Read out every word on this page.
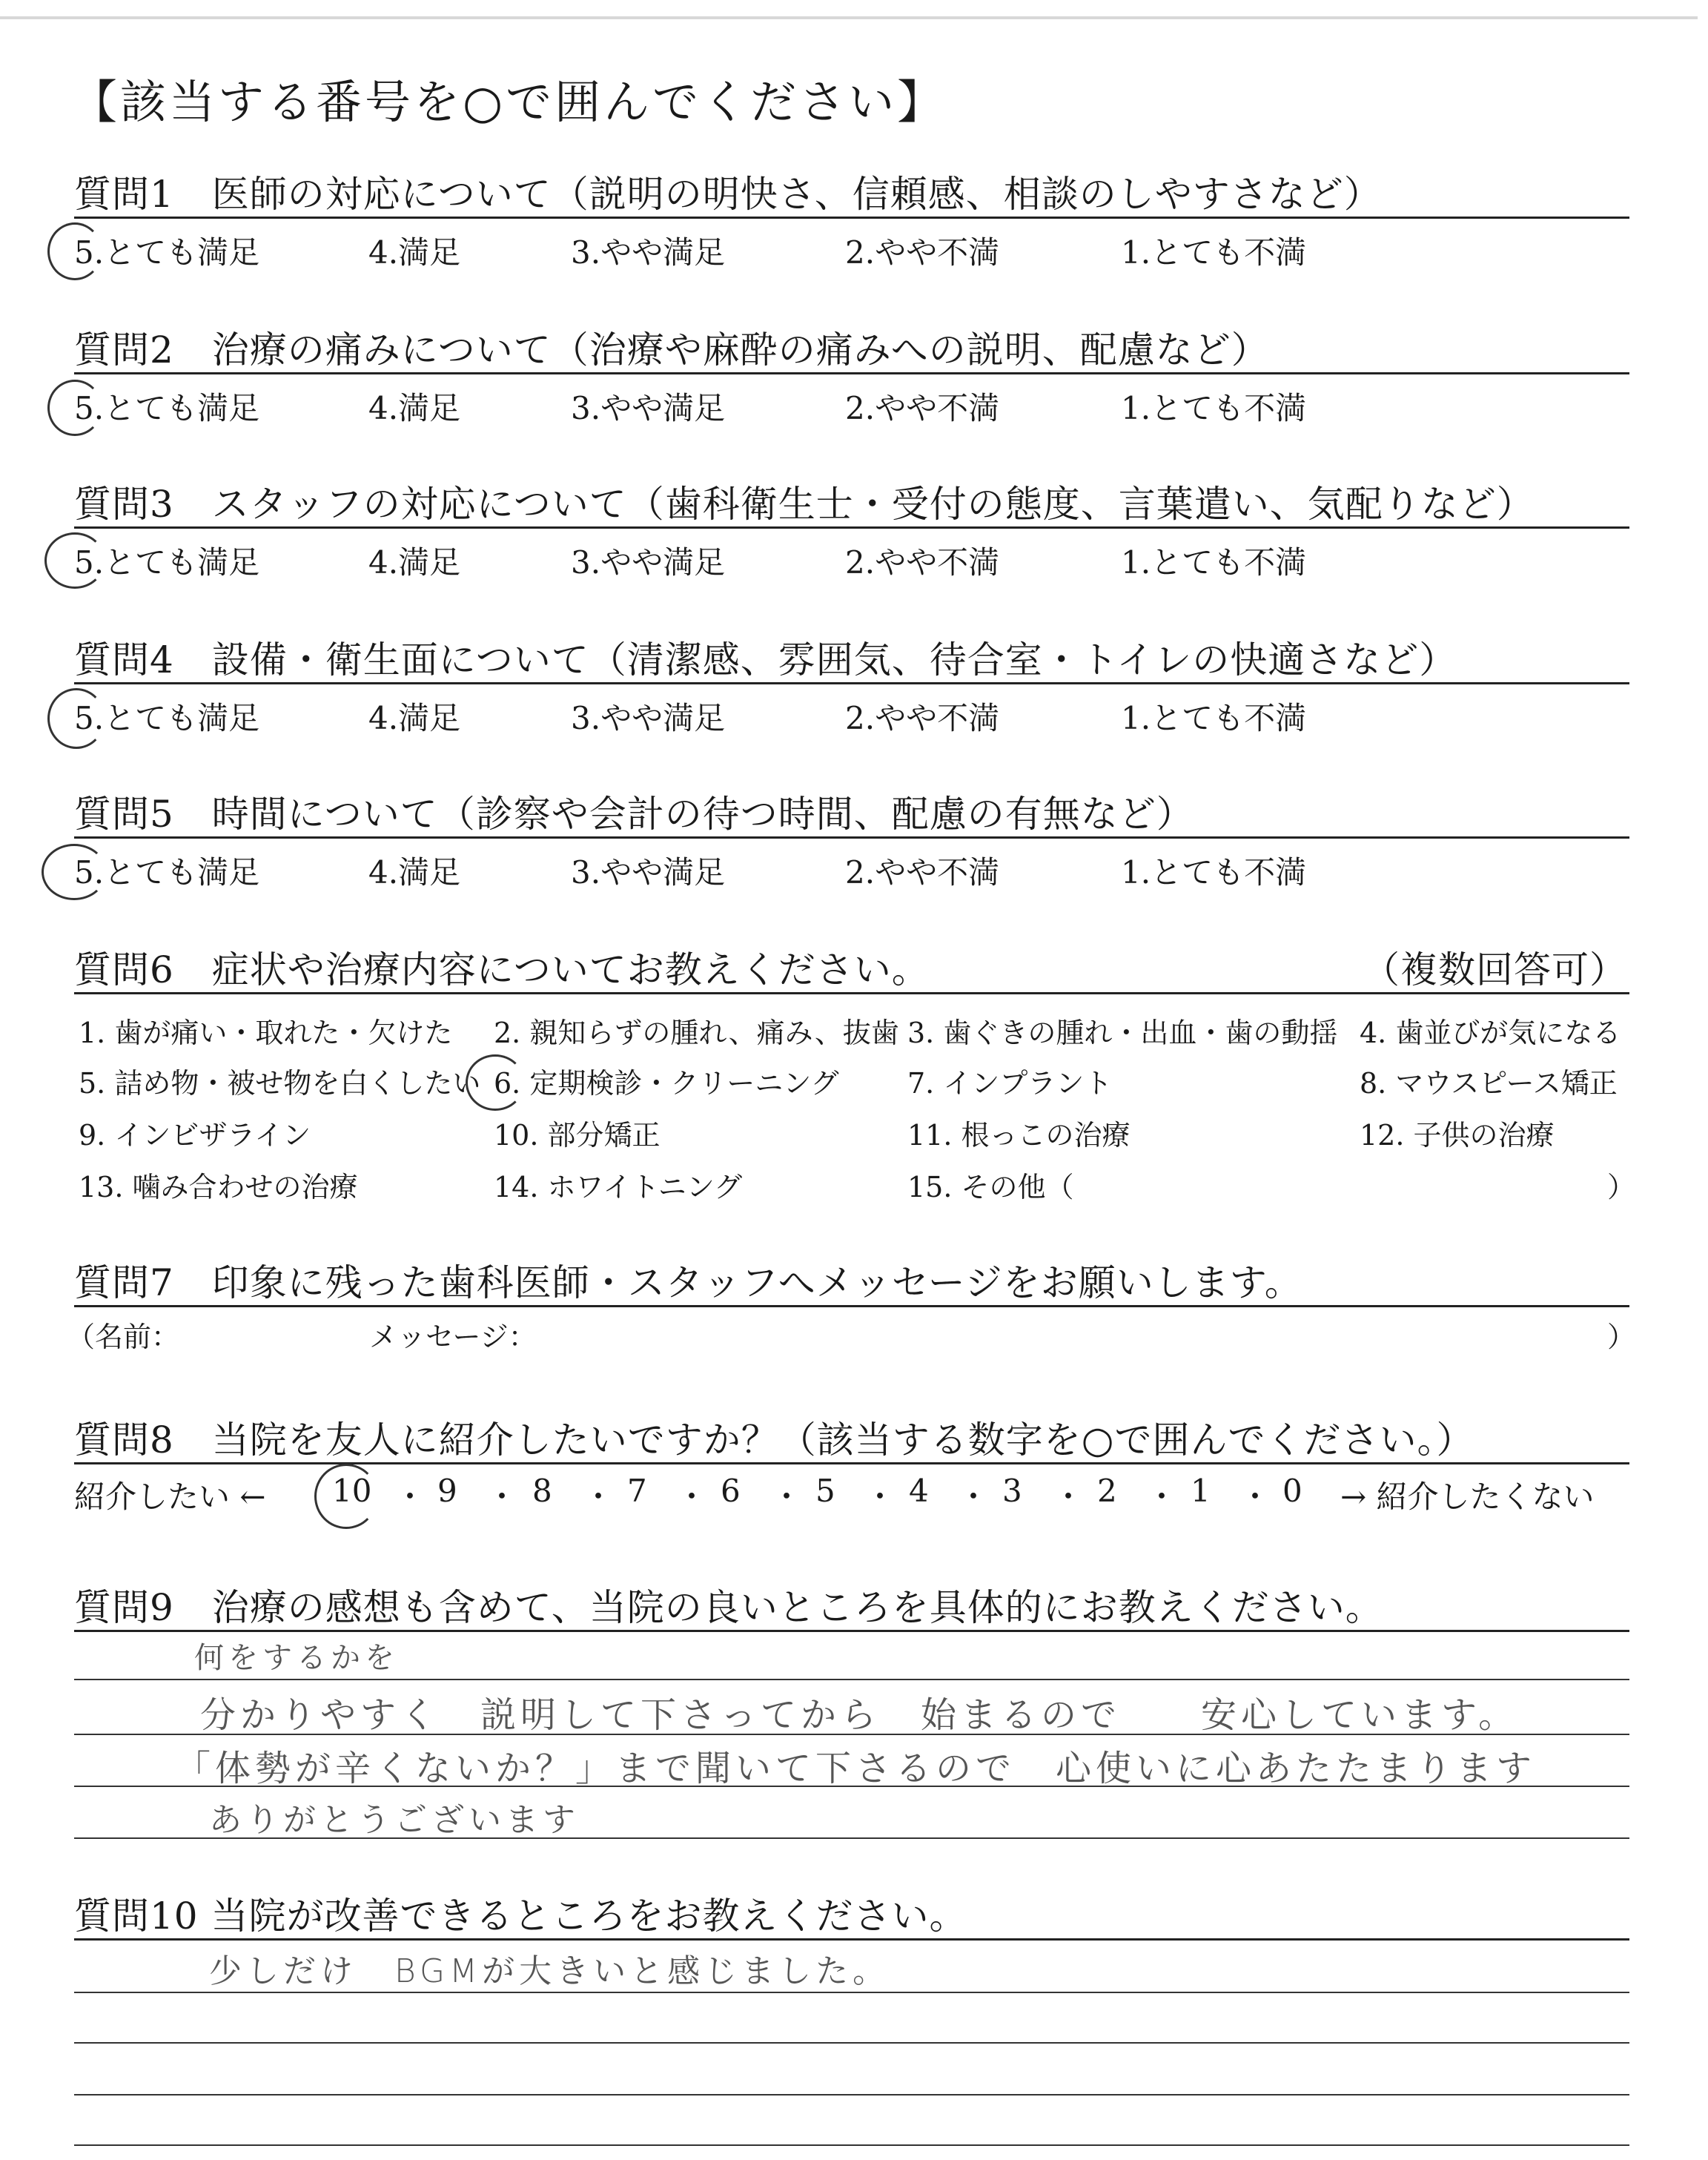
【該当する番号を○で囲んでください】
質問1　医師の対応について（説明の明快さ、信頼感、相談のしやすさなど）
5.とても満足	4.満足	3.やや満足	2.やや不満	1.とても不満
質問2　治療の痛みについて（治療や麻酔の痛みへの説明、配慮など）
5.とても満足	4.満足	3.やや満足	2.やや不満	1.とても不満
質問3　スタッフの対応について（歯科衛生士・受付の態度、言葉遣い、気配りなど）
5.とても満足	4.満足	3.やや満足	2.やや不満	1.とても不満
質問4　設備・衛生面について（清潔感、雰囲気、待合室・トイレの快適さなど）
5.とても満足	4.満足	3.やや満足	2.やや不満	1.とても不満
質問5　時間について（診察や会計の待つ時間、配慮の有無など）
5.とても満足	4.満足	3.やや満足	2.やや不満	1.とても不満
質問6　症状や治療内容についてお教えください。	（複数回答可）
1. 歯が痛い・取れた・欠けた 2. 親知らずの腫れ、痛み、抜歯 3. 歯ぐきの腫れ・出血・歯の動揺 4. 歯並びが気になる
5. 詰め物・被せ物を白くしたい 6. 定期検診・クリーニング 7. インプラント	8. マウスピース矯正
9. インビザライン	10. 部分矯正	11. 根っこの治療	12. 子供の治療
13. 噛み合わせの治療	14. ホワイトニング	15. その他（	）
質問7　印象に残った歯科医師・スタッフへメッセージをお願いします。
（名前：	メッセージ：	）
質問8　当院を友人に紹介したいですか？（該当する数字を○で囲んでください。）
紹介したい ←	→ 紹介したくない
10 ・ 9 ・ 8 ・ 7 ・ 6 ・ 5 ・ 4 ・ 3 ・ 2 ・ 1 ・ 0
質問9　治療の感想も含めて、当院の良いところを具体的にお教えください。
何をするかを
分かりやすく　説明して下さってから　始まるので　　安心しています。
「体勢が辛くないか？」まで聞いて下さるので　心使いに心あたたまります
ありがとうございます
質問10 当院が改善できるところをお教えください。
少しだけ　BGMが大きいと感じました。
